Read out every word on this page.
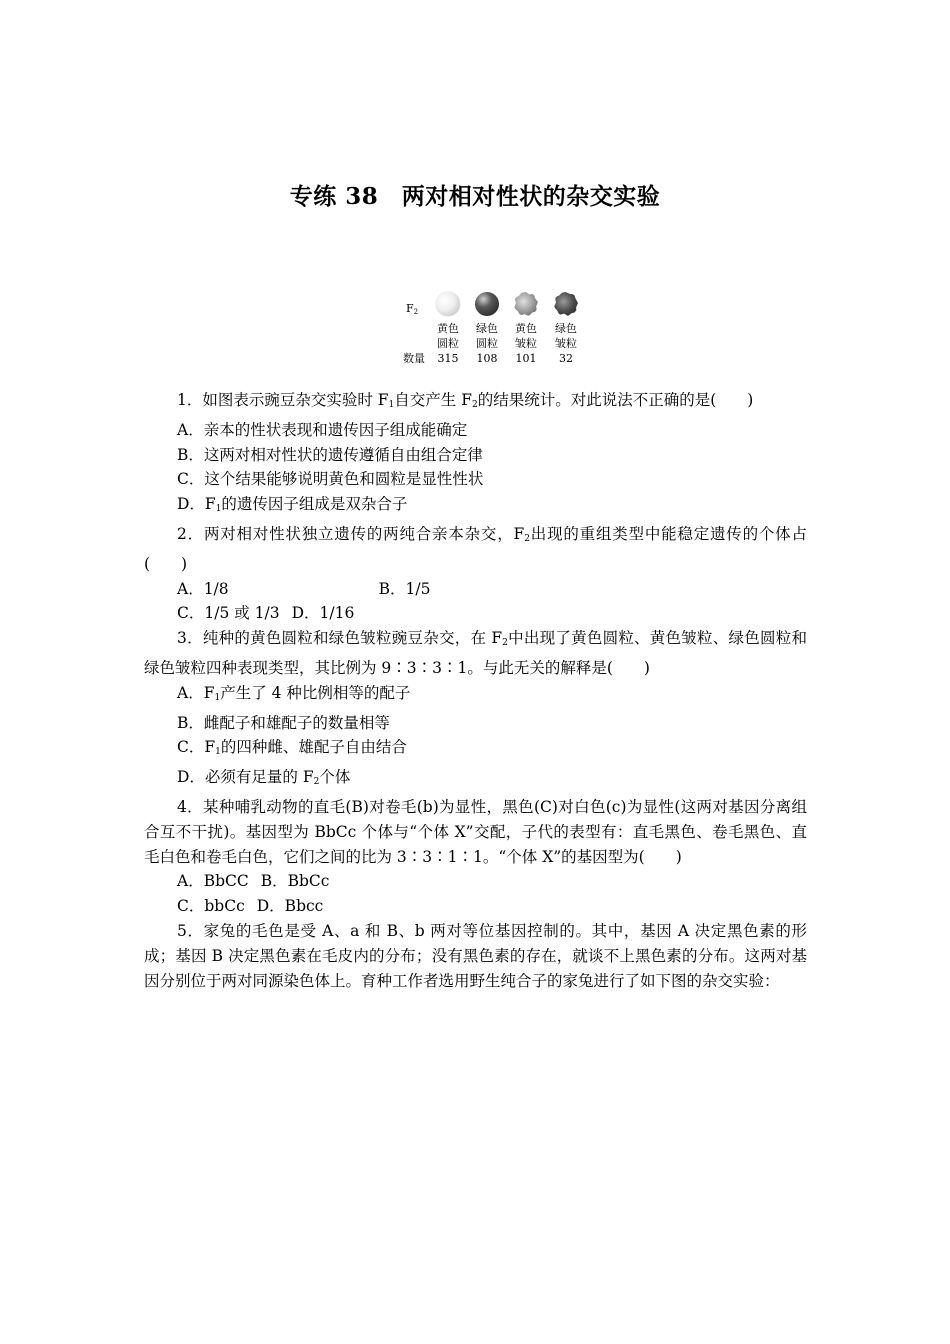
专练 38　两对相对性状的杂交实验
$F_2$
黄色
圆粒
315
绿色
圆粒
108
黄色
皱粒
101
绿色
皱粒
32
数量

1．如图表示豌豆杂交实验时 $F_1$自交产生 $F_2$的结果统计。对此说法不正确的是(　　)

A．亲本的性状表现和遗传因子组成能确定

B．这两对相对性状的遗传遵循自由组合定律

C．这个结果能够说明黄色和圆粒是显性性状

D．$F_1$的遗传因子组成是双杂合子

2．两对相对性状独立遗传的两纯合亲本杂交，$F_2$出现的重组类型中能稳定遗传的个体占(　　)

A．1/8	B．1/5

C．1/5 或 1/3 D．1/16

3．纯种的黄色圆粒和绿色皱粒豌豆杂交，在 $F_2$中出现了黄色圆粒、黄色皱粒、绿色圆粒和绿色皱粒四种表现类型，其比例为 9∶3∶3∶1。与此无关的解释是(　　)

A．$F_1$产生了 4 种比例相等的配子

B．雌配子和雄配子的数量相等

C．$F_1$的四种雌、雄配子自由结合

D．必须有足量的 $F_2$个体

4．某种哺乳动物的直毛(B)对卷毛(b)为显性，黑色(C)对白色(c)为显性(这两对基因分离组合互不干扰)。基因型为 BbCc 个体与“个体 X”交配，子代的表型有：直毛黑色、卷毛黑色、直毛白色和卷毛白色，它们之间的比为 3∶3∶1∶1。“个体 X”的基因型为(　　)

A．BbCC B．BbCc

C．bbCc D．Bbcc

5．家兔的毛色是受 A、a 和 B、b 两对等位基因控制的。其中，基因 A 决定黑色素的形成；基因 B 决定黑色素在毛皮内的分布；没有黑色素的存在，就谈不上黑色素的分布。这两对基因分别位于两对同源染色体上。育种工作者选用野生纯合子的家兔进行了如下图的杂交实验：
